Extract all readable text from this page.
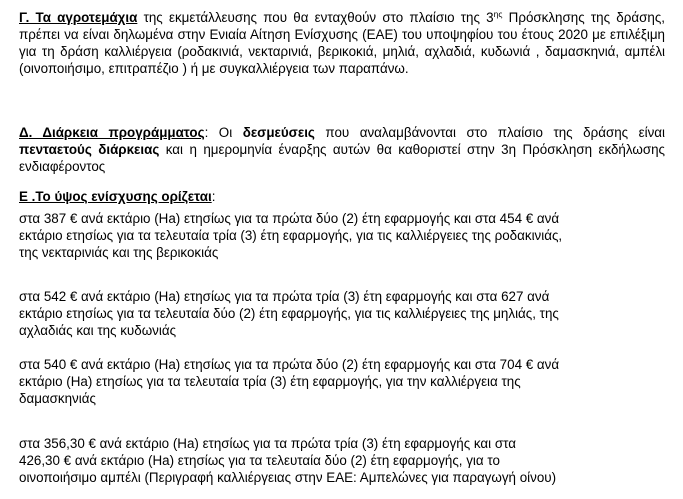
Γ. Τα αγροτεμάχια της εκμετάλλευσης που θα ενταχθούν στο πλαίσιο της $3^{\eta\varsigma}$ Πρόσκλησης της δράσης, πρέπει να είναι δηλωμένα στην Ενιαία Αίτηση Ενίσχυσης (ΕΑΕ) του υποψηφίου του έτους 2020 με επιλέξιμη για τη δράση καλλιέργεια (ροδακινιά, νεκταρινιά, βερικοκιά, μηλιά, αχλαδιά, κυδωνιά , δαμασκηνιά, αμπέλι (οινοποιήσιμο, επιτραπέζιο ) ή με συγκαλλιέργεια των παραπάνω.
Δ. Διάρκεια προγράμματος: Οι δεσμεύσεις που αναλαμβάνονται στο πλαίσιο της δράσης είναι πενταετούς διάρκειας και η ημερομηνία έναρξης αυτών θα καθοριστεί στην 3η Πρόσκληση εκδήλωσης ενδιαφέροντος
Ε .Το ύψος ενίσχυσης ορίζεται:
στα 387 € ανά εκτάριο (Ha) ετησίως για τα πρώτα δύο (2) έτη εφαρμογής και στα 454 € ανά
εκτάριο ετησίως για τα τελευταία τρία (3) έτη εφαρμογής, για τις καλλιέργειες της ροδακινιάς,
της νεκταρινιάς και της βερικοκιάς
στα 542 € ανά εκτάριο (Ha) ετησίως για τα πρώτα τρία (3) έτη εφαρμογής και στα 627 ανά
εκτάριο ετησίως για τα τελευταία δύο (2) έτη εφαρμογής, για τις καλλιέργειες της μηλιάς, της
αχλαδιάς και της κυδωνιάς
στα 540 € ανά εκτάριο (Ha) ετησίως για τα πρώτα δύο (2) έτη εφαρμογής και στα 704 € ανά
εκτάριο (Ha) ετησίως για τα τελευταία τρία (3) έτη εφαρμογής, για την καλλιέργεια της
δαμασκηνιάς
στα 356,30 € ανά εκτάριο (Ha) ετησίως για τα πρώτα τρία (3) έτη εφαρμογής και στα
426,30 € ανά εκτάριο (Ha) ετησίως για τα τελευταία δύο (2) έτη εφαρμογής, για το
οινοποιήσιμο αμπέλι (Περιγραφή καλλιέργειας στην ΕΑΕ: Αμπελώνες για παραγωγή οίνου)
